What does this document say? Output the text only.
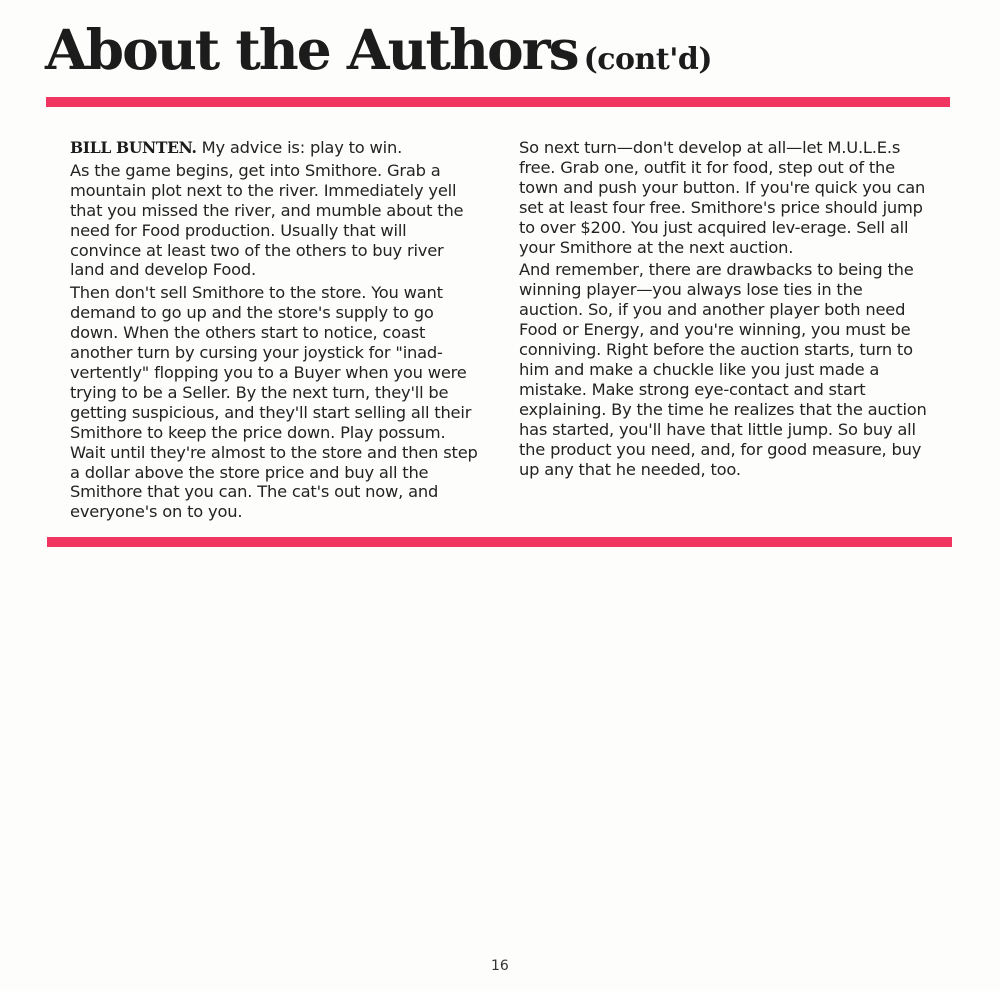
About the Authors (cont'd)

BILL BUNTEN. My advice is: play to win.

As the game begins, get into Smithore. Grab a mountain plot next to the river. Immediately yell that you missed the river, and mumble about the need for Food production. Usually that will convince at least two of the others to buy river land and develop Food.

Then don't sell Smithore to the store. You want demand to go up and the store's supply to go down. When the others start to notice, coast another turn by cursing your joystick for "inad-vertently" flopping you to a Buyer when you were trying to be a Seller. By the next turn, they'll be getting suspicious, and they'll start selling all their Smithore to keep the price down. Play possum. Wait until they're almost to the store and then step a dollar above the store price and buy all the Smithore that you can. The cat's out now, and everyone's on to you.

So next turn—don't develop at all—let M.U.L.E.s free. Grab one, outfit it for food, step out of the town and push your button. If you're quick you can set at least four free. Smithore's price should jump to over $200. You just acquired lev-erage. Sell all your Smithore at the next auction.

And remember, there are drawbacks to being the winning player—you always lose ties in the auction. So, if you and another player both need Food or Energy, and you're winning, you must be conniving. Right before the auction starts, turn to him and make a chuckle like you just made a mistake. Make strong eye-contact and start explaining. By the time he realizes that the auction has started, you'll have that little jump. So buy all the product you need, and, for good measure, buy up any that he needed, too.

16
